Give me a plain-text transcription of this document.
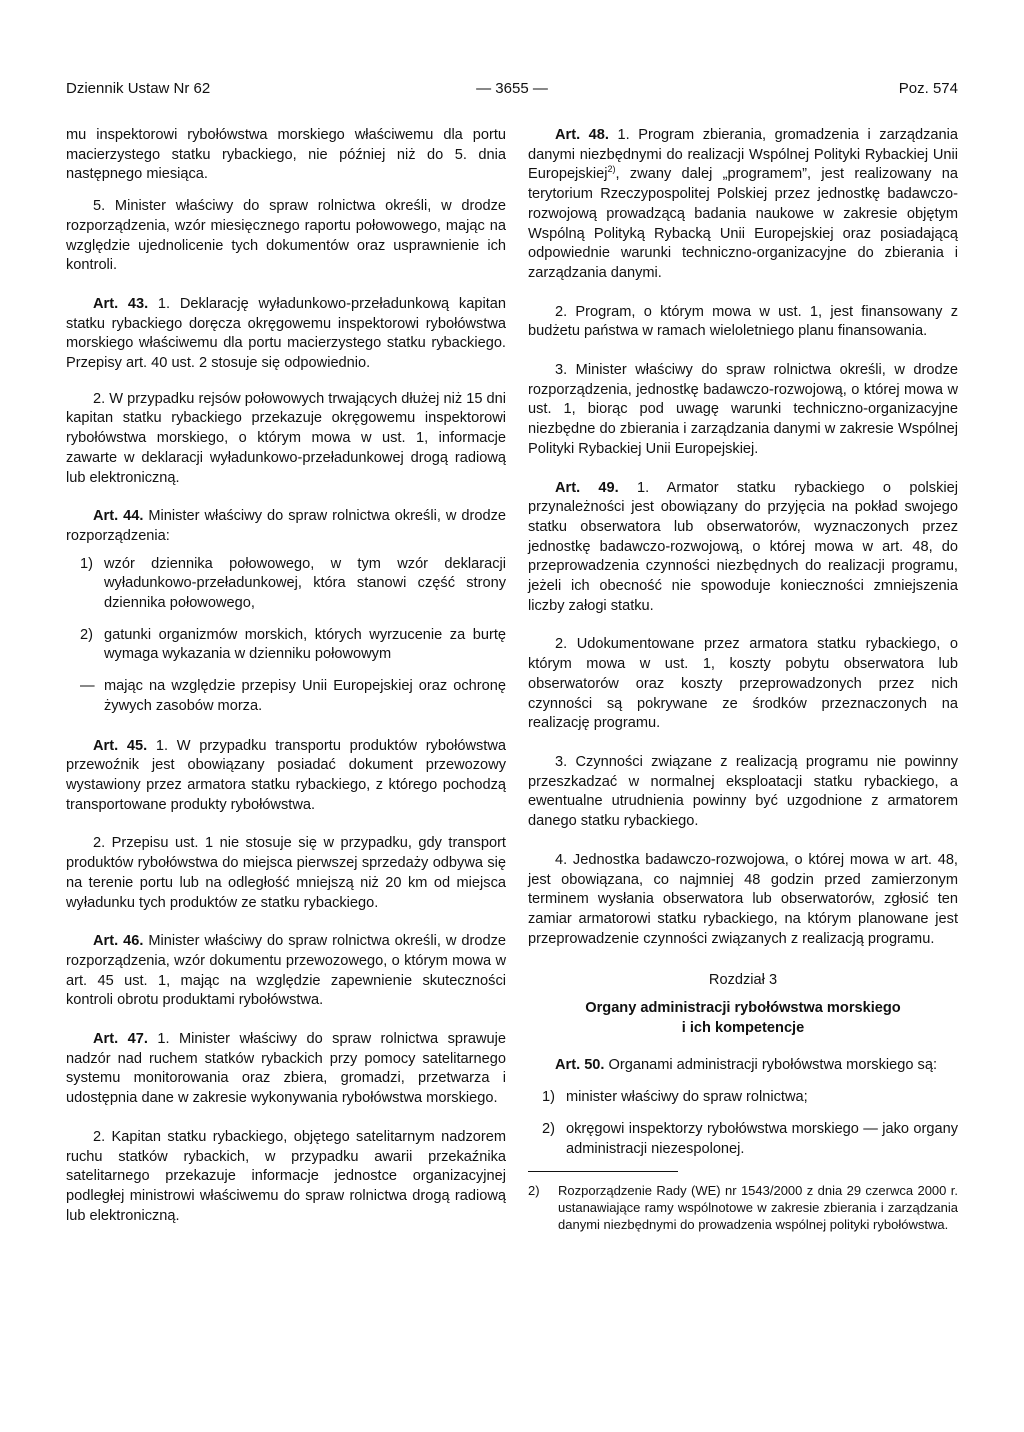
Dziennik Ustaw Nr 62	— 3655 —	Poz. 574

mu inspektorowi rybołówstwa morskiego właściwemu dla portu macierzystego statku rybackiego, nie później niż do 5. dnia następnego miesiąca.

5. Minister właściwy do spraw rolnictwa określi, w drodze rozporządzenia, wzór miesięcznego raportu połowowego, mając na względzie ujednolicenie tych dokumentów oraz usprawnienie ich kontroli.

Art. 43. 1. Deklarację wyładunkowo-przeładunkową kapitan statku rybackiego doręcza okręgowemu inspektorowi rybołówstwa morskiego właściwemu dla portu macierzystego statku rybackiego. Przepisy art. 40 ust. 2 stosuje się odpowiednio.

2. W przypadku rejsów połowowych trwających dłużej niż 15 dni kapitan statku rybackiego przekazuje okręgowemu inspektorowi rybołówstwa morskiego, o którym mowa w ust. 1, informacje zawarte w deklaracji wyładunkowo-przeładunkowej drogą radiową lub elektroniczną.

Art. 44. Minister właściwy do spraw rolnictwa określi, w drodze rozporządzenia:

1) wzór dziennika połowowego, w tym wzór deklaracji wyładunkowo-przeładunkowej, która stanowi część strony dziennika połowowego,
2) gatunki organizmów morskich, których wyrzucenie za burtę wymaga wykazania w dzienniku połowowym
— mając na względzie przepisy Unii Europejskiej oraz ochronę żywych zasobów morza.

Art. 45. 1. W przypadku transportu produktów rybołówstwa przewoźnik jest obowiązany posiadać dokument przewozowy wystawiony przez armatora statku rybackiego, z którego pochodzą transportowane produkty rybołówstwa.

2. Przepisu ust. 1 nie stosuje się w przypadku, gdy transport produktów rybołówstwa do miejsca pierwszej sprzedaży odbywa się na terenie portu lub na odległość mniejszą niż 20 km od miejsca wyładunku tych produktów ze statku rybackiego.

Art. 46. Minister właściwy do spraw rolnictwa określi, w drodze rozporządzenia, wzór dokumentu przewozowego, o którym mowa w art. 45 ust. 1, mając na względzie zapewnienie skuteczności kontroli obrotu produktami rybołówstwa.

Art. 47. 1. Minister właściwy do spraw rolnictwa sprawuje nadzór nad ruchem statków rybackich przy pomocy satelitarnego systemu monitorowania oraz zbiera, gromadzi, przetwarza i udostępnia dane w zakresie wykonywania rybołówstwa morskiego.

2. Kapitan statku rybackiego, objętego satelitarnym nadzorem ruchu statków rybackich, w przypadku awarii przekaźnika satelitarnego przekazuje informacje jednostce organizacyjnej podległej ministrowi właściwemu do spraw rolnictwa drogą radiową lub elektroniczną.

Art. 48. 1. Program zbierania, gromadzenia i zarządzania danymi niezbędnymi do realizacji Wspólnej Polityki Rybackiej Unii Europejskiej$^{2)}$, zwany dalej „programem”, jest realizowany na terytorium Rzeczypospolitej Polskiej przez jednostkę badawczo-rozwojową prowadzącą badania naukowe w zakresie objętym Wspólną Polityką Rybacką Unii Europejskiej oraz posiadającą odpowiednie warunki techniczno-organizacyjne do zbierania i zarządzania danymi.

2. Program, o którym mowa w ust. 1, jest finansowany z budżetu państwa w ramach wieloletniego planu finansowania.

3. Minister właściwy do spraw rolnictwa określi, w drodze rozporządzenia, jednostkę badawczo-rozwojową, o której mowa w ust. 1, biorąc pod uwagę warunki techniczno-organizacyjne niezbędne do zbierania i zarządzania danymi w zakresie Wspólnej Polityki Rybackiej Unii Europejskiej.

Art. 49. 1. Armator statku rybackiego o polskiej przynależności jest obowiązany do przyjęcia na pokład swojego statku obserwatora lub obserwatorów, wyznaczonych przez jednostkę badawczo-rozwojową, o której mowa w art. 48, do przeprowadzenia czynności niezbędnych do realizacji programu, jeżeli ich obecność nie spowoduje konieczności zmniejszenia liczby załogi statku.

2. Udokumentowane przez armatora statku rybackiego, o którym mowa w ust. 1, koszty pobytu obserwatora lub obserwatorów oraz koszty przeprowadzonych przez nich czynności są pokrywane ze środków przeznaczonych na realizację programu.

3. Czynności związane z realizacją programu nie powinny przeszkadzać w normalnej eksploatacji statku rybackiego, a ewentualne utrudnienia powinny być uzgodnione z armatorem danego statku rybackiego.

4. Jednostka badawczo-rozwojowa, o której mowa w art. 48, jest obowiązana, co najmniej 48 godzin przed zamierzonym terminem wysłania obserwatora lub obserwatorów, zgłosić ten zamiar armatorowi statku rybackiego, na którym planowane jest przeprowadzenie czynności związanych z realizacją programu.

Rozdział 3
Organy administracji rybołówstwa morskiego
i ich kompetencje

Art. 50. Organami administracji rybołówstwa morskiego są:

1) minister właściwy do spraw rolnictwa;
2) okręgowi inspektorzy rybołówstwa morskiego — jako organy administracji niezespolonej.
2) Rozporządzenie Rady (WE) nr 1543/2000 z dnia 29 czerwca 2000 r. ustanawiające ramy wspólnotowe w zakresie zbierania i zarządzania danymi niezbędnymi do prowadzenia wspólnej polityki rybołówstwa.
